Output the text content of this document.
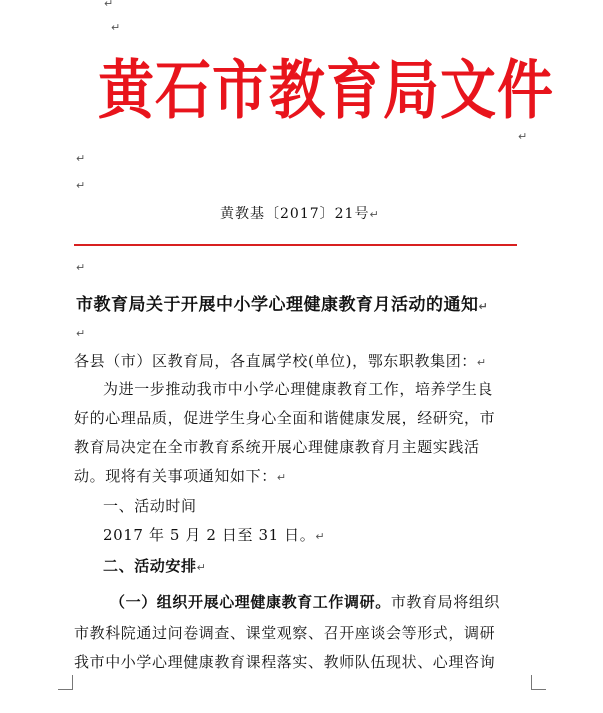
↵
↵
↵
↵
↵
↵
↵
黄石市教育局文件
黄教基〔2017〕21号↵
市教育局关于开展中小学心理健康教育月活动的通知↵
各县（市）区教育局，各直属学校(单位)，鄂东职教集团：↵
为进一步推动我市中小学心理健康教育工作，培养学生良
好的心理品质，促进学生身心全面和谐健康发展，经研究，市
教育局决定在全市教育系统开展心理健康教育月主题实践活
动。现将有关事项通知如下：↵
一、活动时间
2017 年 5 月 2 日至 31 日。↵
二、活动安排↵
（一）组织开展心理健康教育工作调研。市教育局将组织
市教科院通过问卷调查、课堂观察、召开座谈会等形式，调研
我市中小学心理健康教育课程落实、教师队伍现状、心理咨询
